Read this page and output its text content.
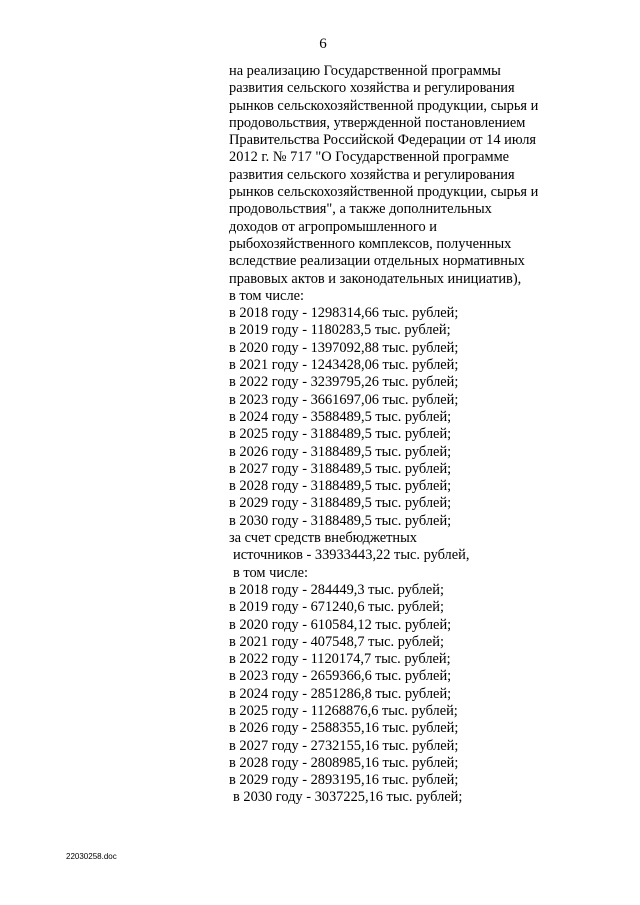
6
на реализацию Государственной программы
развития сельского хозяйства и регулирования
рынков сельскохозяйственной продукции, сырья и
продовольствия, утвержденной постановлением
Правительства Российской Федерации от 14 июля
2012 г. № 717 "О Государственной программе
развития сельского хозяйства и регулирования
рынков сельскохозяйственной продукции, сырья и
продовольствия", а также дополнительных
доходов от агропромышленного и
рыбохозяйственного комплексов, полученных
вследствие реализации отдельных нормативных
правовых актов и законодательных инициатив),
в том числе:
в 2018 году - 1298314,66 тыс. рублей;
в 2019 году - 1180283,5 тыс. рублей;
в 2020 году - 1397092,88 тыс. рублей;
в 2021 году - 1243428,06 тыс. рублей;
в 2022 году - 3239795,26 тыс. рублей;
в 2023 году - 3661697,06 тыс. рублей;
в 2024 году - 3588489,5 тыс. рублей;
в 2025 году - 3188489,5 тыс. рублей;
в 2026 году - 3188489,5 тыс. рублей;
в 2027 году - 3188489,5 тыс. рублей;
в 2028 году - 3188489,5 тыс. рублей;
в 2029 году - 3188489,5 тыс. рублей;
в 2030 году - 3188489,5 тыс. рублей;
за счет средств внебюджетных
источников - 33933443,22 тыс. рублей,
в том числе:
в 2018 году - 284449,3 тыс. рублей;
в 2019 году - 671240,6 тыс. рублей;
в 2020 году - 610584,12 тыс. рублей;
в 2021 году - 407548,7 тыс. рублей;
в 2022 году - 1120174,7 тыс. рублей;
в 2023 году - 2659366,6 тыс. рублей;
в 2024 году - 2851286,8 тыс. рублей;
в 2025 году - 11268876,6 тыс. рублей;
в 2026 году - 2588355,16 тыс. рублей;
в 2027 году - 2732155,16 тыс. рублей;
в 2028 году - 2808985,16 тыс. рублей;
в 2029 году - 2893195,16 тыс. рублей;
в 2030 году - 3037225,16 тыс. рублей;
22030258.doc
